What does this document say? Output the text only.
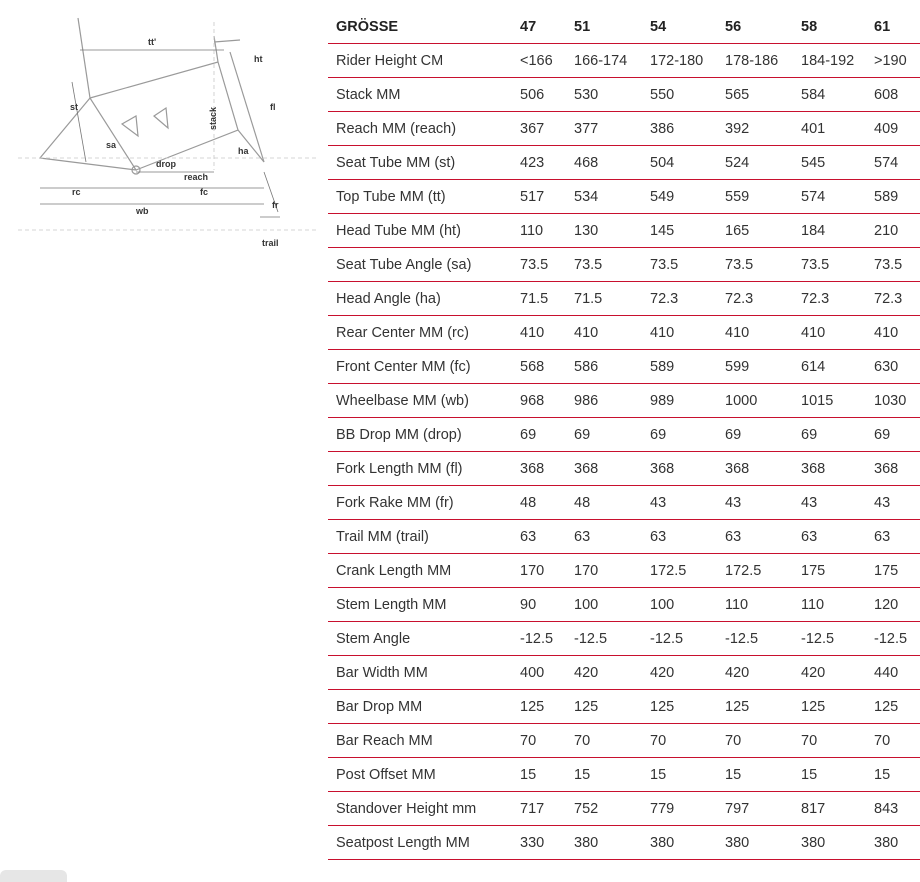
tt'
ht
st	stack	fl
sa
ha
drop
reach
rc	fc
wb
fr
trail
GRÖSSE	47	51	54	56	58	61
Rider Height CM	<166	166-174	172-180	178-186	184-192	>190
Stack MM	506	530	550	565	584	608
Reach MM (reach)	367	377	386	392	401	409
Seat Tube MM (st)	423	468	504	524	545	574
Top Tube MM (tt)	517	534	549	559	574	589
Head Tube MM (ht)	110	130	145	165	184	210
Seat Tube Angle (sa)	73.5	73.5	73.5	73.5	73.5	73.5
Head Angle (ha)	71.5	71.5	72.3	72.3	72.3	72.3
Rear Center MM (rc)	410	410	410	410	410	410
Front Center MM (fc)	568	586	589	599	614	630
Wheelbase MM (wb)	968	986	989	1000	1015	1030
BB Drop MM (drop)	69	69	69	69	69	69
Fork Length MM (fl)	368	368	368	368	368	368
Fork Rake MM (fr)	48	48	43	43	43	43
Trail MM (trail)	63	63	63	63	63	63
Crank Length MM	170	170	172.5	172.5	175	175
Stem Length MM	90	100	100	110	110	120
Stem Angle	-12.5	-12.5	-12.5	-12.5	-12.5	-12.5
Bar Width MM	400	420	420	420	420	440
Bar Drop MM	125	125	125	125	125	125
Bar Reach MM	70	70	70	70	70	70
Post Offset MM	15	15	15	15	15	15
Standover Height mm	717	752	779	797	817	843
Seatpost Length MM	330	380	380	380	380	380
